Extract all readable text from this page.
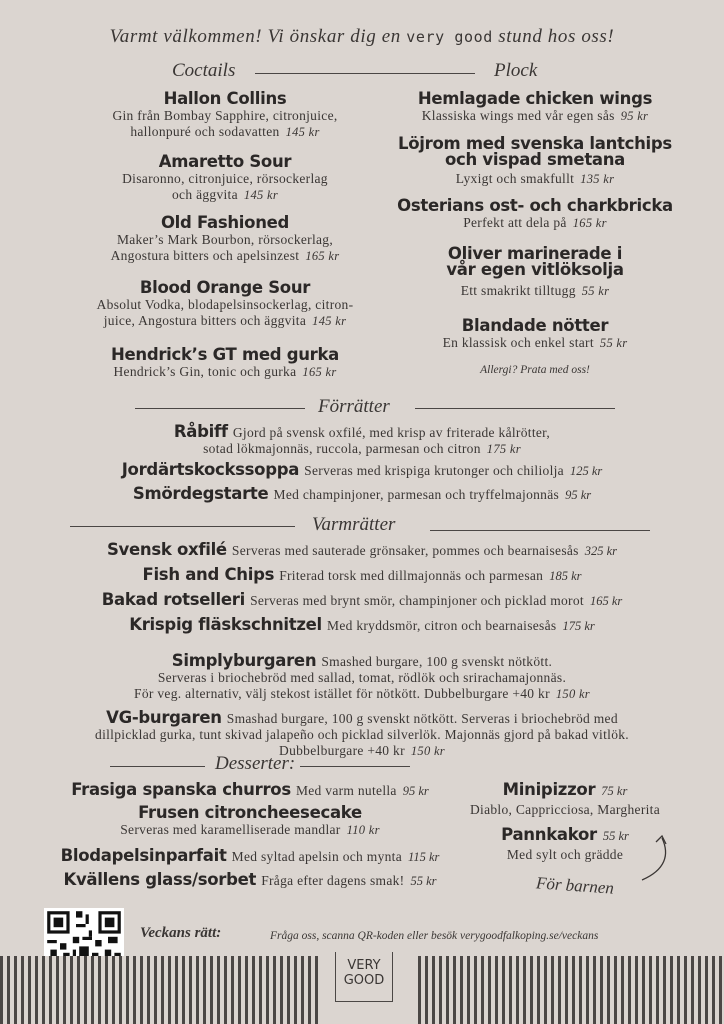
Varmt välkommen! Vi önskar dig en very good stund hos oss!
Coctails	Plock
Hallon Collins
Gin från Bombay Sapphire, citronjuice,
hallonpuré och sodavatten 145 kr
Amaretto Sour
Disaronno, citronjuice, rörsockerlag
och äggvita 145 kr
Old Fashioned
Maker’s Mark Bourbon, rörsockerlag,
Angostura bitters och apelsinzest 165 kr
Blood Orange Sour
Absolut Vodka, blodapelsinsockerlag, citron-
juice, Angostura bitters och äggvita 145 kr
Hendrick’s GT med gurka
Hendrick’s Gin, tonic och gurka 165 kr
Hemlagade chicken wings
Klassiska wings med vår egen sås 95 kr
Löjrom med svenska lantchips
och vispad smetana
Lyxigt och smakfullt 135 kr
Osterians ost- och charkbricka
Perfekt att dela på 165 kr
Oliver marinerade i
vår egen vitlöksolja
Ett smakrikt tilltugg 55 kr
Blandade nötter
En klassisk och enkel start 55 kr
Allergi? Prata med oss!
Förrätter
Råbiff Gjord på svensk oxfilé, med krisp av friterade kålrötter,
sotad lökmajonnäs, ruccola, parmesan och citron 175 kr
Jordärtskockssoppa Serveras med krispiga krutonger och chiliolja 125 kr
Smördegstarte Med champinjoner, parmesan och tryffelmajonnäs 95 kr
Varmrätter
Svensk oxfilé Serveras med sauterade grönsaker, pommes och bearnaisesås 325 kr
Fish and Chips Friterad torsk med dillmajonnäs och parmesan 185 kr
Bakad rotselleri Serveras med brynt smör, champinjoner och picklad morot 165 kr
Krispig fläskschnitzel Med kryddsmör, citron och bearnaisesås 175 kr
Simplyburgaren Smashed burgare, 100 g svenskt nötkött.
Serveras i briochebröd med sallad, tomat, rödlök och srirachamajonnäs.
För veg. alternativ, välj stekost istället för nötkött. Dubbelburgare +40 kr 150 kr
VG-burgaren Smashad burgare, 100 g svenskt nötkött. Serveras i briochebröd med
dillpicklad gurka, tunt skivad jalapeño och picklad silverlök. Majonnäs gjord på bakad vitlök.
Dubbelburgare +40 kr 150 kr
Desserter:
Frasiga spanska churros Med varm nutella 95 kr
Frusen citroncheesecake
Serveras med karamelliserade mandlar 110 kr
Blodapelsinparfait Med syltad apelsin och mynta 115 kr
Kvällens glass/sorbet Fråga efter dagens smak! 55 kr
Minipizzor 75 kr
Diablo, Cappricciosa, Margherita
Pannkakor 55 kr
Med sylt och grädde
För barnen
Veckans rätt:	Fråga oss, scanna QR-koden eller besök verygoodfalkoping.se/veckans
VERY
GOOD
